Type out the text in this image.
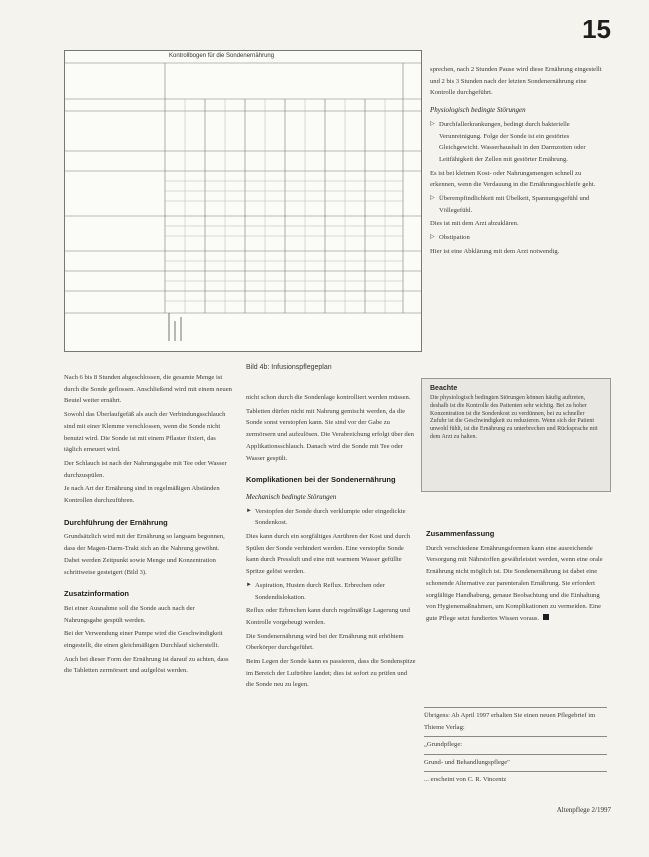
15
Kontrollbogen für die Sondenernährung
Bild 4b: Infusionspflegeplan

Nach 6 bis 8 Stunden abgeschlossen, die gesamte Menge ist durch die Sonde geflossen. Anschließend wird mit einem neuen Beutel weiter ernährt.

Sowohl das Überlaufgefäß als auch der Verbindungsschlauch sind mit einer Klemme verschlossen, wenn die Sonde nicht benutzt wird. Die Sonde ist mit einem Pflaster fixiert, das täglich erneuert wird.

Der Schlauch ist nach der Nahrungsgabe mit Tee oder Wasser durchzuspülen.

Je nach Art der Ernährung sind in regelmäßigen Abständen Kontrollen durchzuführen.

Durchführung der Ernährung

Grundsätzlich wird mit der Ernährung so langsam begonnen, dass der Magen-Darm-Trakt sich an die Nahrung gewöhnt. Dabei werden Zeitpunkt sowie Menge und Konzentration schrittweise gesteigert (Bild 3).

Zusatzinformation

Bei einer Ausnahme soll die Sonde auch nach der Nahrungsgabe gespült werden.

Bei der Verwendung einer Pumpe wird die Geschwindigkeit eingestellt, die einen gleichmäßigen Durchlauf sicherstellt.

Auch bei dieser Form der Ernährung ist darauf zu achten, dass die Tabletten zermörsert und aufgelöst werden.

nicht schon durch die Sondenlage kontrolliert werden müssen.

Tabletten dürfen nicht mit Nahrung gemischt werden, da die Sonde sonst verstopfen kann. Sie sind vor der Gabe zu zermörsern und aufzulösen. Die Verabreichung erfolgt über den Applikationsschlauch. Danach wird die Sonde mit Tee oder Wasser gespült.

Komplikationen bei der Sondenernährung
Mechanisch bedingte Störungen
► Verstopfen der Sonde durch verklumpte oder eingedickte Sondenkost.

Dies kann durch ein sorgfältiges Anrühren der Kost und durch Spülen der Sonde verhindert werden. Eine verstopfte Sonde kann durch Pressluft und eine mit warmem Wasser gefüllte Spritze gelöst werden.

► Aspiration, Husten durch Reflux. Erbrechen oder Sondendislokation.

Reflux oder Erbrechen kann durch regelmäßige Lagerung und Kontrolle vorgebeugt werden.

Die Sondenernährung wird bei der Ernährung mit erhöhtem Oberkörper durchgeführt.

Beim Legen der Sonde kann es passieren, dass die Sondenspitze im Bereich der Luftröhre landet; dies ist sofort zu prüfen und die Sonde neu zu legen.

sprechen, nach 2 Stunden Pause wird diese Ernährung eingestellt und 2 bis 3 Stunden nach der letzten Sondenernährung eine Kontrolle durchgeführt.

Physiologisch bedingte Störungen
▷ Durchfallerkrankungen, bedingt durch bakterielle Verunreinigung. Folge der Sonde ist ein gestörtes Gleichgewicht. Wasserhaushalt in den Darmzotten oder Leitfähigkeit der Zellen mit gestörter Ernährung.

Es ist bei kleinen Kost- oder Nahrungsmengen schnell zu erkennen, wenn die Verdauung in die Ernährungsschleife geht.

▷ Überempfindlichkeit mit Übelkeit, Spannungsgefühl und Völlegefühl.

Dies ist mit dem Arzt abzuklären.

▷ Obstipation

Hier ist eine Abklärung mit dem Arzt notwendig.

Beachte

Die physiologisch bedingten Störungen können häufig auftreten, deshalb ist die Kontrolle des Patienten sehr wichtig. Bei zu hoher Konzentration ist die Sondenkost zu verdünnen, bei zu schneller Zufuhr ist die Geschwindigkeit zu reduzieren. Wenn sich der Patient unwohl fühlt, ist die Ernährung zu unterbrechen und Rücksprache mit dem Arzt zu halten.

Zusammenfassung

Durch verschiedene Ernährungsformen kann eine ausreichende Versorgung mit Nährstoffen gewährleistet werden, wenn eine orale Ernährung nicht möglich ist. Die Sondenernährung ist dabei eine schonende Alternative zur parenteralen Ernährung. Sie erfordert sorgfältige Handhabung, genaue Beobachtung und die Einhaltung von Hygienemaßnahmen, um Komplikationen zu vermeiden. Eine gute Pflege setzt fundiertes Wissen voraus.

Übrigens: Ab April 1997 erhalten Sie einen neuen Pflegebrief im Thieme Verlag:
„Grundpflege:
Grund- und Behandlungspflege"
... erscheint von C. R. Vincentz
Altenpflege 2/1997
